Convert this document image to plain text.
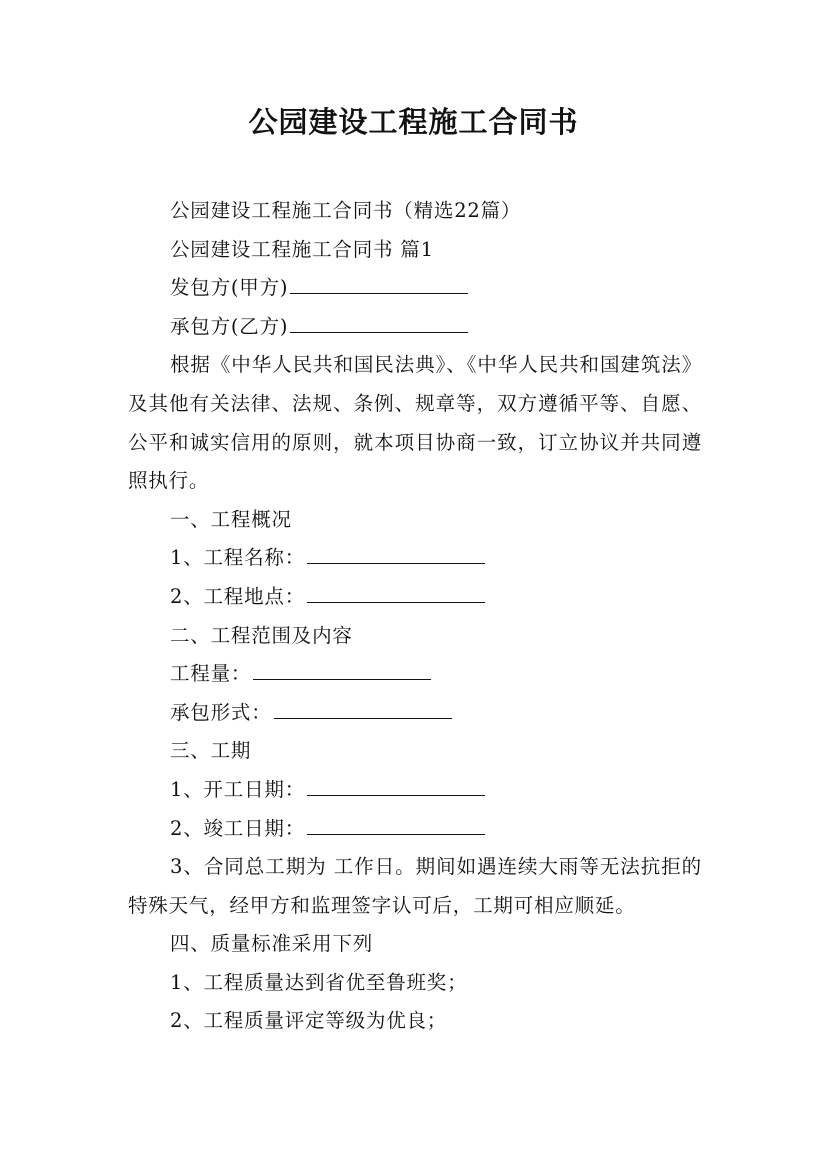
公园建设工程施工合同书

公园建设工程施工合同书（精选22篇）

公园建设工程施工合同书 篇1

发包方(甲方)

承包方(乙方)

根据《中华人民共和国民法典》、《中华人民共和国建筑法》及其他有关法律、法规、条例、规章等，双方遵循平等、自愿、公平和诚实信用的原则，就本项目协商一致，订立协议并共同遵照执行。

一、工程概况

1、工程名称：

2、工程地点：

二、工程范围及内容

工程量：

承包形式：

三、工期

1、开工日期：

2、竣工日期：

3、合同总工期为 工作日。期间如遇连续大雨等无法抗拒的特殊天气，经甲方和监理签字认可后，工期可相应顺延。

四、质量标准采用下列

1、工程质量达到省优至鲁班奖；

2、工程质量评定等级为优良；
